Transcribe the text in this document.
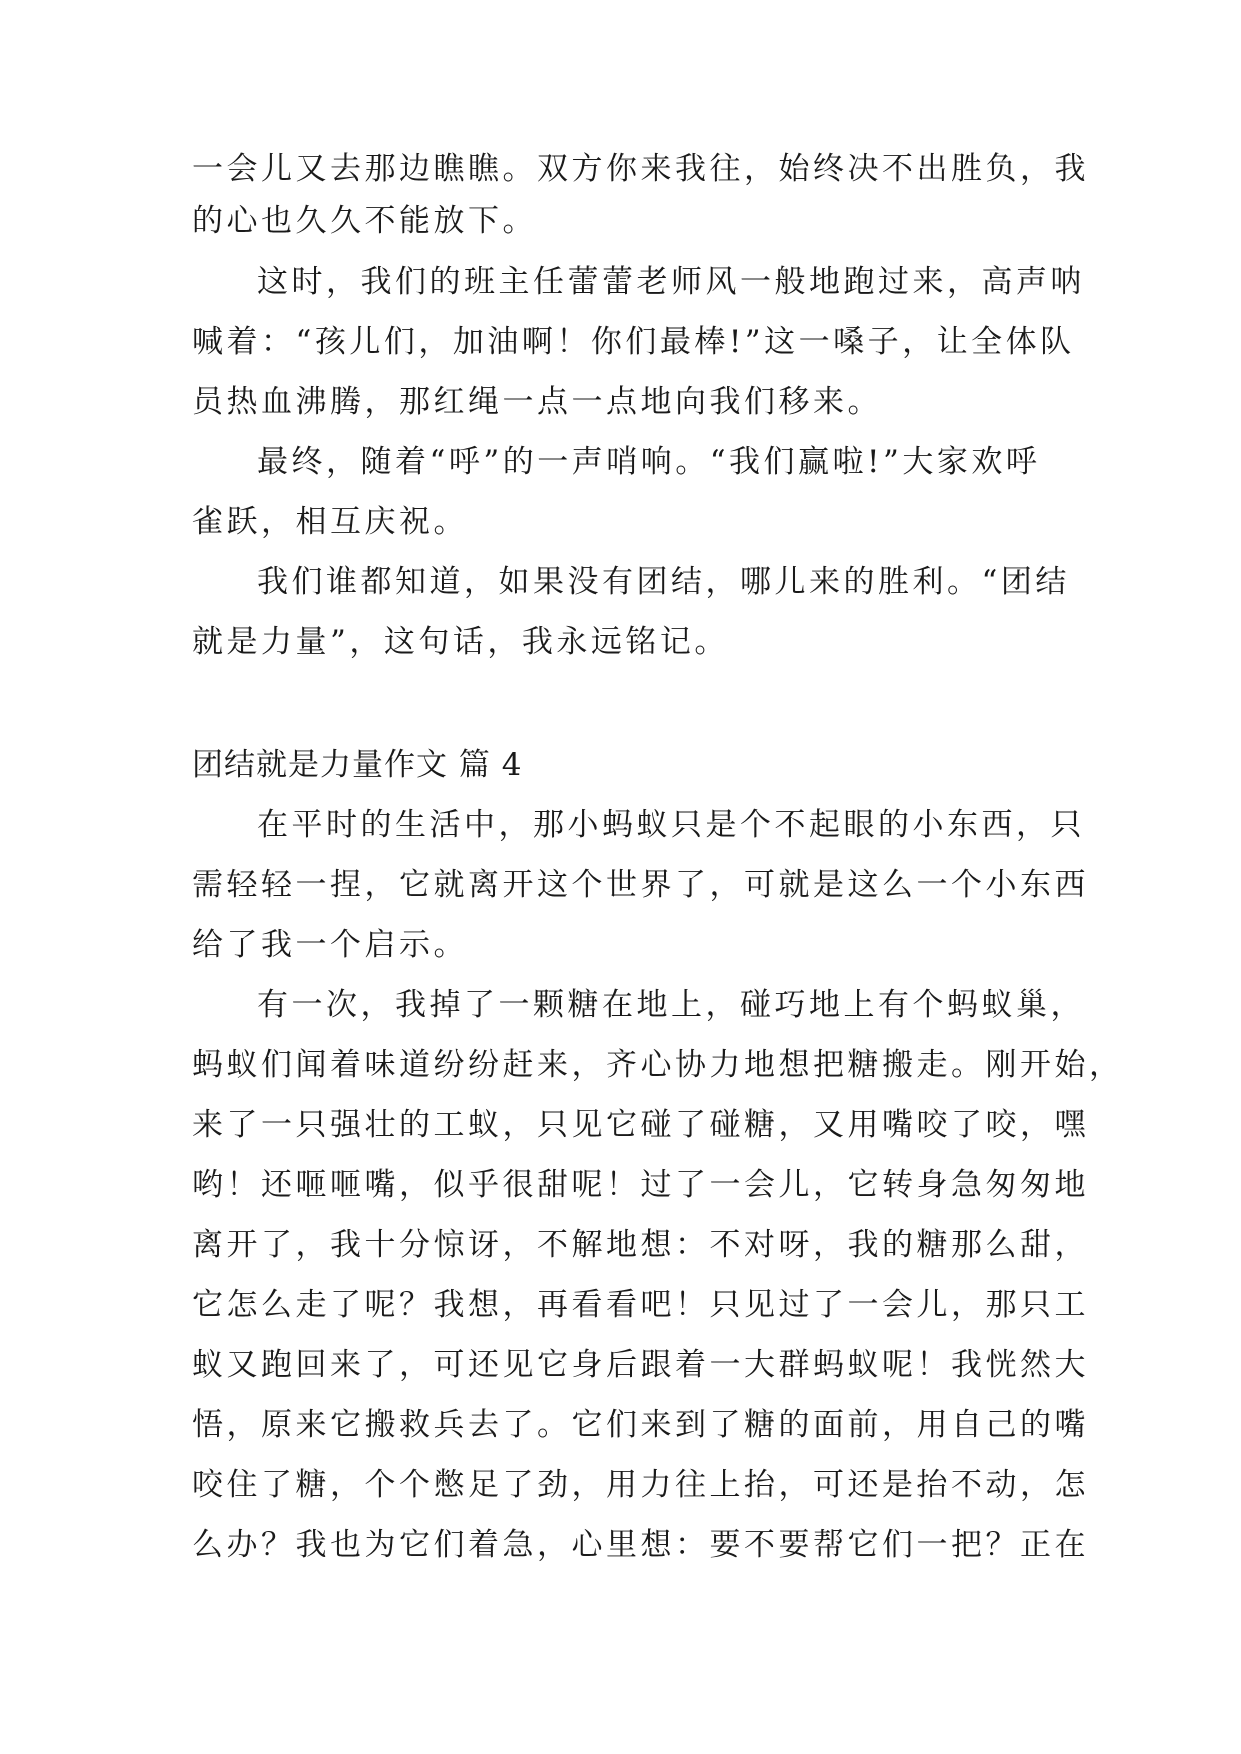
一会儿又去那边瞧瞧。双方你来我往，始终决不出胜负，我
的心也久久不能放下。
这时，我们的班主任蕾蕾老师风一般地跑过来，高声呐
喊着：“孩儿们，加油啊！你们最棒!”这一嗓子，让全体队
员热血沸腾，那红绳一点一点地向我们移来。
最终，随着“呼”的一声哨响。“我们赢啦!”大家欢呼
雀跃，相互庆祝。
我们谁都知道，如果没有团结，哪儿来的胜利。“团结
就是力量”，这句话，我永远铭记。
团结就是力量作文 篇 4
在平时的生活中，那小蚂蚁只是个不起眼的小东西，只
需轻轻一捏，它就离开这个世界了，可就是这么一个小东西
给了我一个启示。
有一次，我掉了一颗糖在地上，碰巧地上有个蚂蚁巢，
蚂蚁们闻着味道纷纷赶来，齐心协力地想把糖搬走。刚开始，
来了一只强壮的工蚁，只见它碰了碰糖，又用嘴咬了咬，嘿
哟！还咂咂嘴，似乎很甜呢！过了一会儿，它转身急匆匆地
离开了，我十分惊讶，不解地想：不对呀，我的糖那么甜，
它怎么走了呢？我想，再看看吧！只见过了一会儿，那只工
蚁又跑回来了，可还见它身后跟着一大群蚂蚁呢！我恍然大
悟，原来它搬救兵去了。它们来到了糖的面前，用自己的嘴
咬住了糖，个个憋足了劲，用力往上抬，可还是抬不动，怎
么办？我也为它们着急，心里想：要不要帮它们一把？正在
